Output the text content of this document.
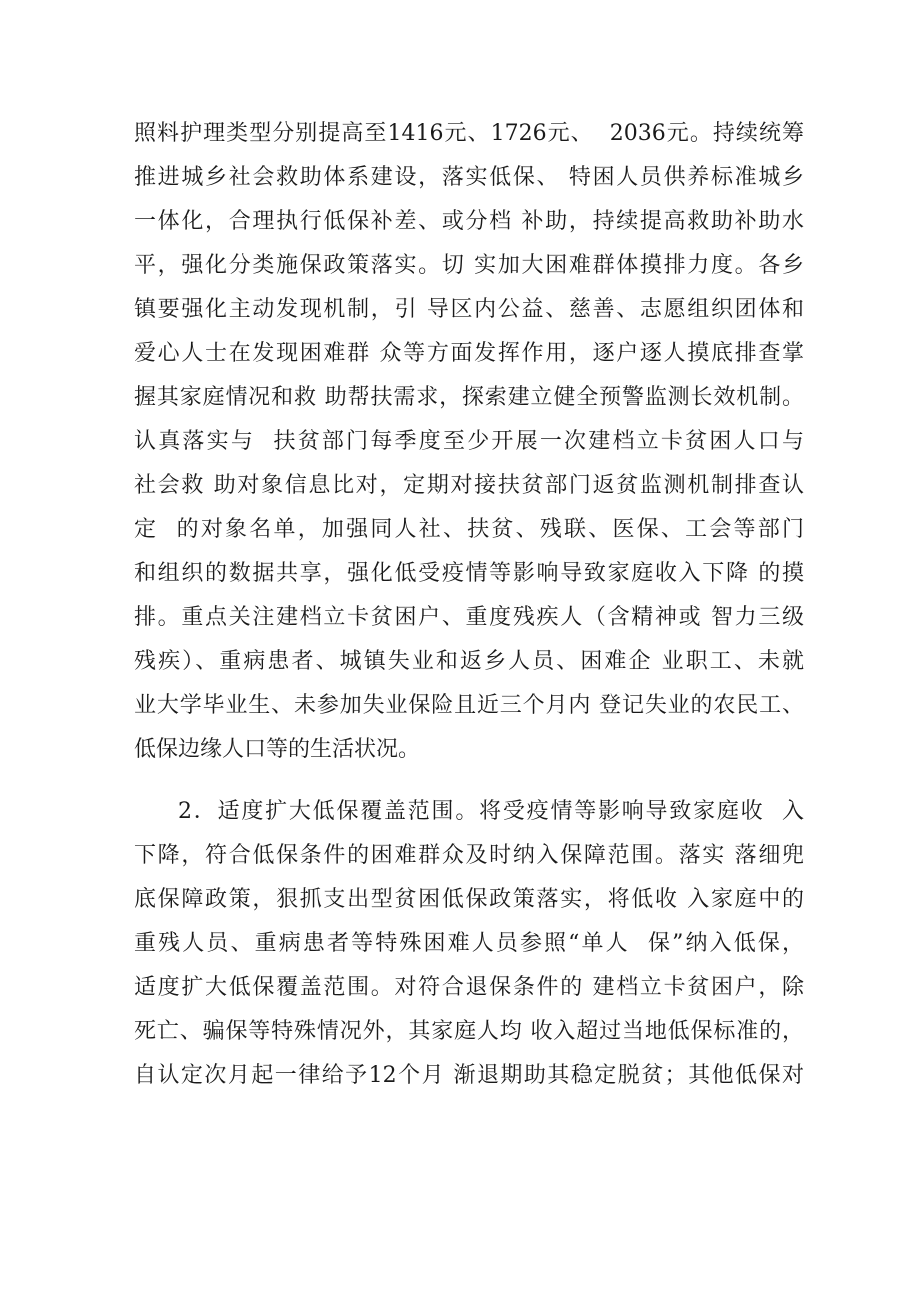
照料护理类型分别提高至1416元、1726元、  2036元。持续统筹
推进城乡社会救助体系建设，落实低保、 特困人员供养标准城乡
一体化，合理执行低保补差、或分档 补助，持续提高救助补助水
平，强化分类施保政策落实。切 实加大困难群体摸排力度。各乡
镇要强化主动发现机制，引 导区内公益、慈善、志愿组织团体和
爱心人士在发现困难群 众等方面发挥作用，逐户逐人摸底排查掌
握其家庭情况和救 助帮扶需求，探索建立健全预警监测长效机制。
认真落实与  扶贫部门每季度至少开展一次建档立卡贫困人口与
社会救 助对象信息比对，定期对接扶贫部门返贫监测机制排查认
定  的对象名单，加强同人社、扶贫、残联、医保、工会等部门
和组织的数据共享，强化低受疫情等影响导致家庭收入下降 的摸
排。重点关注建档立卡贫困户、重度残疾人（含精神或 智力三级
残疾）、重病患者、城镇失业和返乡人员、困难企 业职工、未就
业大学毕业生、未参加失业保险且近三个月内 登记失业的农民工、
低保边缘人口等的生活状况。
2．适度扩大低保覆盖范围。将受疫情等影响导致家庭收  入
下降，符合低保条件的困难群众及时纳入保障范围。落实 落细兜
底保障政策，狠抓支出型贫困低保政策落实，将低收 入家庭中的
重残人员、重病患者等特殊困难人员参照“单人  保”纳入低保，
适度扩大低保覆盖范围。对符合退保条件的 建档立卡贫困户，除
死亡、骗保等特殊情况外，其家庭人均 收入超过当地低保标准的，
自认定次月起一律给予12个月 渐退期助其稳定脱贫；其他低保对
